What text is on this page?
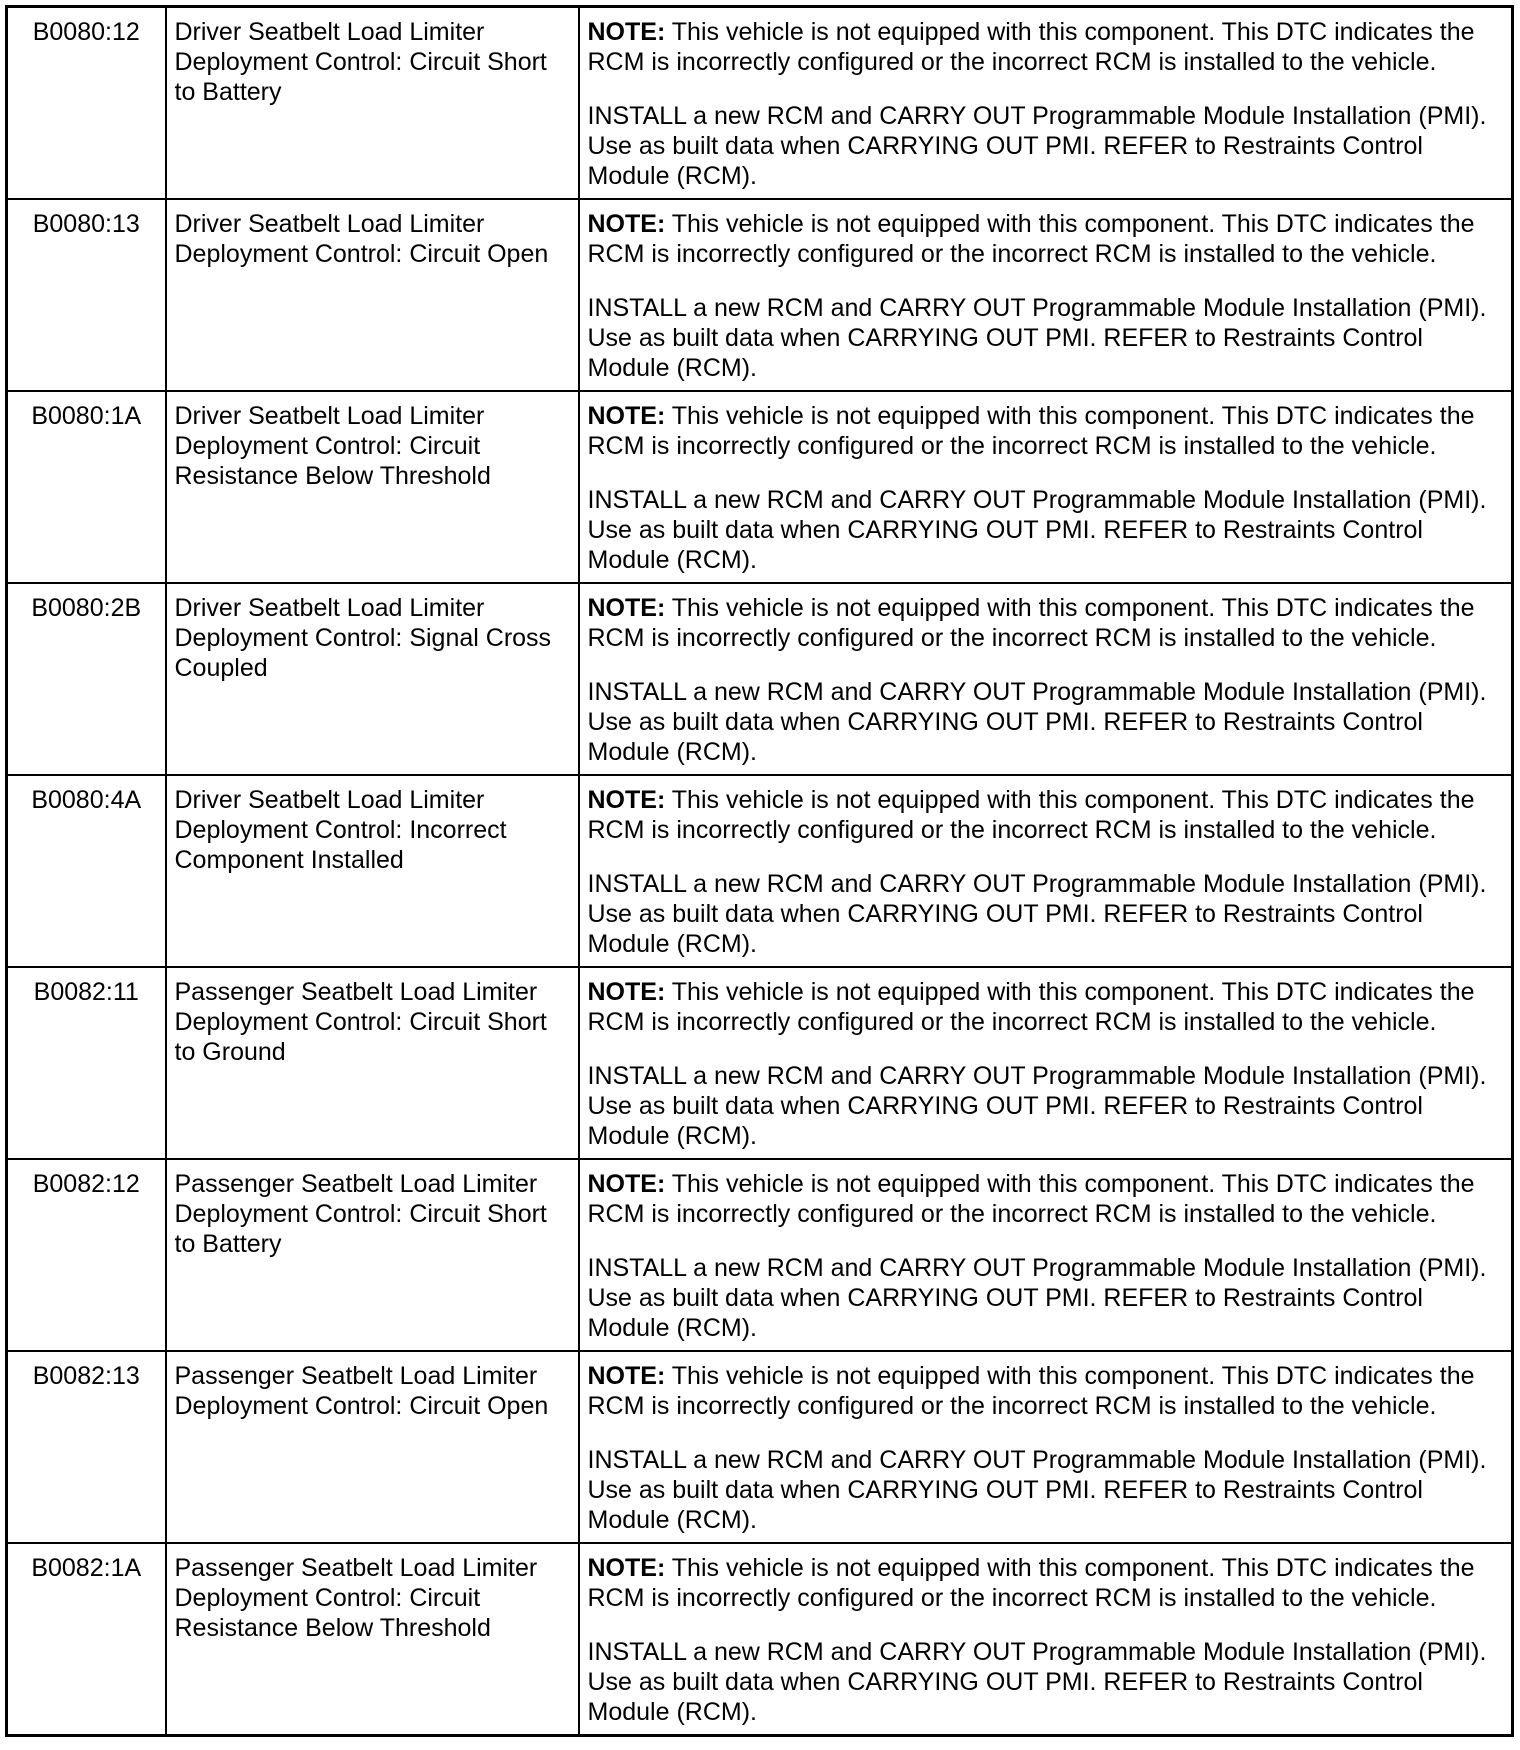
B0080:12	Driver Seatbelt Load Limiter Deployment Control: Circuit Short to Battery	NOTE: This vehicle is not equipped with this component. This DTC indicates the RCM is incorrectly configured or the incorrect RCM is installed to the vehicle.

INSTALL a new RCM and CARRY OUT Programmable Module Installation (PMI). Use as built data when CARRYING OUT PMI. REFER to Restraints Control Module (RCM).

B0080:13	Driver Seatbelt Load Limiter Deployment Control: Circuit Open	NOTE: This vehicle is not equipped with this component. This DTC indicates the RCM is incorrectly configured or the incorrect RCM is installed to the vehicle.

INSTALL a new RCM and CARRY OUT Programmable Module Installation (PMI). Use as built data when CARRYING OUT PMI. REFER to Restraints Control Module (RCM).

B0080:1A	Driver Seatbelt Load Limiter Deployment Control: Circuit Resistance Below Threshold	NOTE: This vehicle is not equipped with this component. This DTC indicates the RCM is incorrectly configured or the incorrect RCM is installed to the vehicle.

INSTALL a new RCM and CARRY OUT Programmable Module Installation (PMI). Use as built data when CARRYING OUT PMI. REFER to Restraints Control Module (RCM).

B0080:2B	Driver Seatbelt Load Limiter Deployment Control: Signal Cross Coupled	NOTE: This vehicle is not equipped with this component. This DTC indicates the RCM is incorrectly configured or the incorrect RCM is installed to the vehicle.

INSTALL a new RCM and CARRY OUT Programmable Module Installation (PMI). Use as built data when CARRYING OUT PMI. REFER to Restraints Control Module (RCM).

B0080:4A	Driver Seatbelt Load Limiter Deployment Control: Incorrect Component Installed	NOTE: This vehicle is not equipped with this component. This DTC indicates the RCM is incorrectly configured or the incorrect RCM is installed to the vehicle.

INSTALL a new RCM and CARRY OUT Programmable Module Installation (PMI). Use as built data when CARRYING OUT PMI. REFER to Restraints Control Module (RCM).

B0082:11	Passenger Seatbelt Load Limiter Deployment Control: Circuit Short to Ground	NOTE: This vehicle is not equipped with this component. This DTC indicates the RCM is incorrectly configured or the incorrect RCM is installed to the vehicle.

INSTALL a new RCM and CARRY OUT Programmable Module Installation (PMI). Use as built data when CARRYING OUT PMI. REFER to Restraints Control Module (RCM).

B0082:12	Passenger Seatbelt Load Limiter Deployment Control: Circuit Short to Battery	NOTE: This vehicle is not equipped with this component. This DTC indicates the RCM is incorrectly configured or the incorrect RCM is installed to the vehicle.

INSTALL a new RCM and CARRY OUT Programmable Module Installation (PMI). Use as built data when CARRYING OUT PMI. REFER to Restraints Control Module (RCM).

B0082:13	Passenger Seatbelt Load Limiter Deployment Control: Circuit Open	NOTE: This vehicle is not equipped with this component. This DTC indicates the RCM is incorrectly configured or the incorrect RCM is installed to the vehicle.

INSTALL a new RCM and CARRY OUT Programmable Module Installation (PMI). Use as built data when CARRYING OUT PMI. REFER to Restraints Control Module (RCM).

B0082:1A	Passenger Seatbelt Load Limiter Deployment Control: Circuit Resistance Below Threshold	NOTE: This vehicle is not equipped with this component. This DTC indicates the RCM is incorrectly configured or the incorrect RCM is installed to the vehicle.

INSTALL a new RCM and CARRY OUT Programmable Module Installation (PMI). Use as built data when CARRYING OUT PMI. REFER to Restraints Control Module (RCM).
